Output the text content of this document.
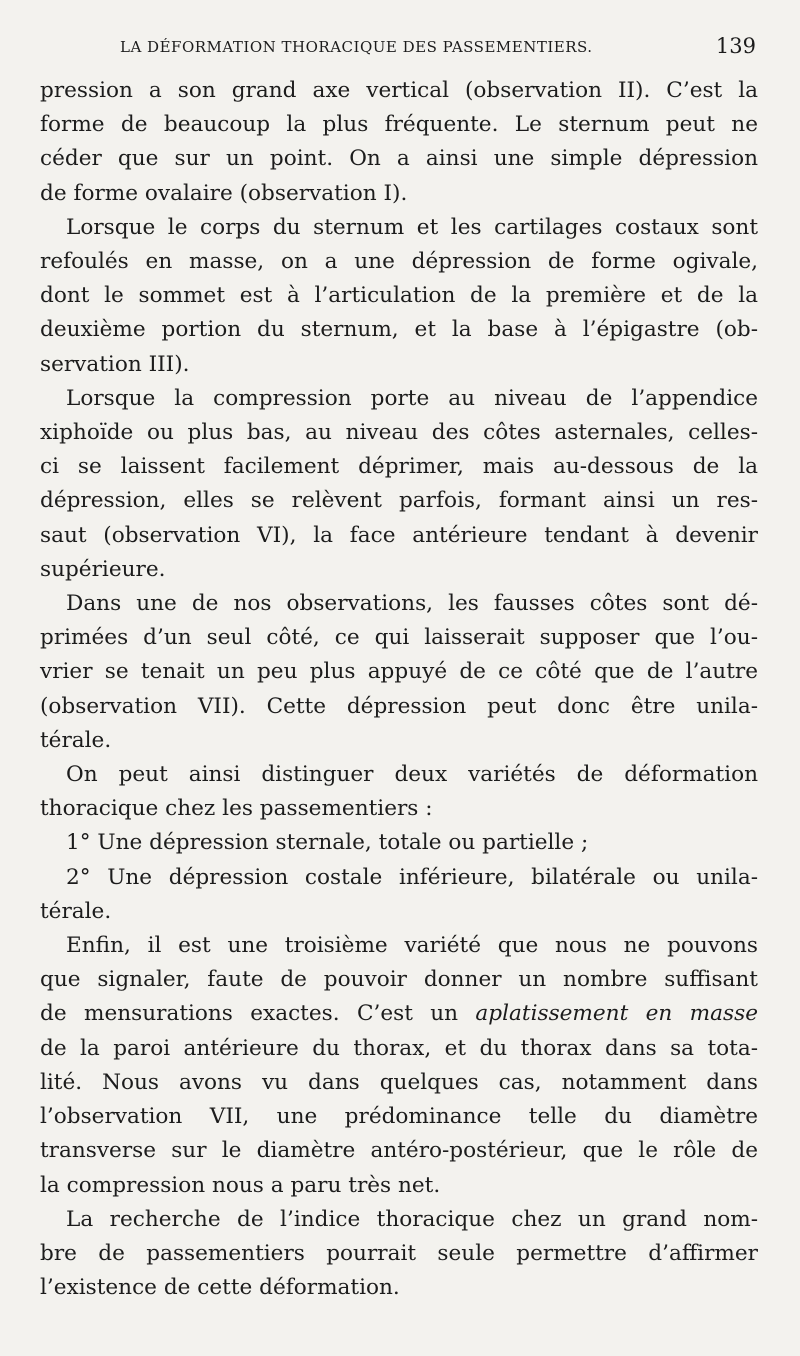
LA DÉFORMATION THORACIQUE DES PASSEMENTIERS.	139

pression a son grand axe vertical (observation II). C’est la
forme de beaucoup la plus fréquente. Le sternum peut ne
céder que sur un point. On a ainsi une simple dépression
de forme ovalaire (observation I).

Lorsque le corps du sternum et les cartilages costaux sont
refoulés en masse, on a une dépression de forme ogivale,
dont le sommet est à l’articulation de la première et de la
deuxième portion du sternum, et la base à l’épigastre (ob-
servation III).

Lorsque la compression porte au niveau de l’appendice
xiphoïde ou plus bas, au niveau des côtes asternales, celles-
ci se laissent facilement déprimer, mais au-dessous de la
dépression, elles se relèvent parfois, formant ainsi un res-
saut (observation VI), la face antérieure tendant à devenir
supérieure.

Dans une de nos observations, les fausses côtes sont dé-
primées d’un seul côté, ce qui laisserait supposer que l’ou-
vrier se tenait un peu plus appuyé de ce côté que de l’autre
(observation VII). Cette dépression peut donc être unila-
térale.

On peut ainsi distinguer deux variétés de déformation
thoracique chez les passementiers :

1° Une dépression sternale, totale ou partielle ;

2° Une dépression costale inférieure, bilatérale ou unila-
térale.

Enfin, il est une troisième variété que nous ne pouvons
que signaler, faute de pouvoir donner un nombre suffisant
de mensurations exactes. C’est un aplatissement en masse
de la paroi antérieure du thorax, et du thorax dans sa tota-
lité. Nous avons vu dans quelques cas, notamment dans
l’observation VII, une prédominance telle du diamètre
transverse sur le diamètre antéro-postérieur, que le rôle de
la compression nous a paru très net.

La recherche de l’indice thoracique chez un grand nom-
bre de passementiers pourrait seule permettre d’affirmer
l’existence de cette déformation.
